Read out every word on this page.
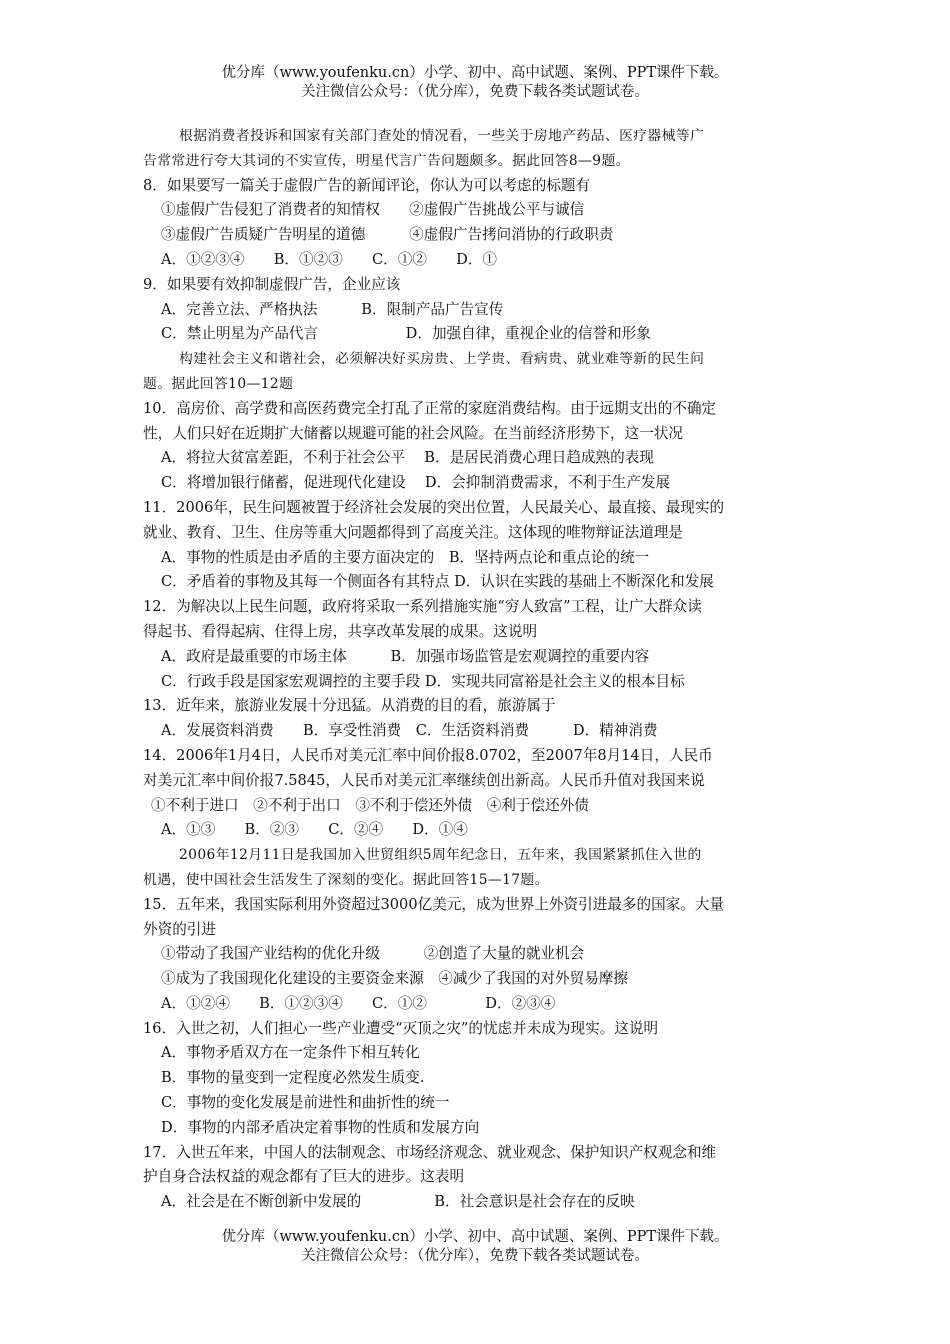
优分库（www.youfenku.cn）小学、初中、高中试题、案例、PPT课件下载。
关注微信公众号：（优分库），免费下载各类试题试卷。
根据消费者投诉和国家有关部门查处的情况看，一些关于房地产药品、医疗器械等广
告常常进行夸大其词的不实宣传，明星代言广告问题颇多。据此回答8—9题。
8．如果要写一篇关于虚假广告的新闻评论，你认为可以考虑的标题有
①虚假广告侵犯了消费者的知情权　　②虚假广告挑战公平与诚信
③虚假广告质疑广告明星的道德　　　④虚假广告拷问消协的行政职责
A．①②③④　　B．①②③　　C．①②　　D．①
9．如果要有效抑制虚假广告，企业应该
A．完善立法、严格执法　　　B．限制产品广告宣传
C．禁止明星为产品代言　　　　　　D．加强自律，重视企业的信誉和形象
构建社会主义和谐社会，必须解决好买房贵、上学贵、看病贵、就业难等新的民生问
题。据此回答10—12题
10．高房价、高学费和高医药费完全打乱了正常的家庭消费结构。由于远期支出的不确定
性，人们只好在近期扩大储蓄以规避可能的社会风险。在当前经济形势下，这一状况
A．将拉大贫富差距，不利于社会公平　 B．是居民消费心理日趋成熟的表现
C．将增加银行储蓄，促进现代化建设　 D．会抑制消费需求，不利于生产发展
11．2006年，民生问题被置于经济社会发展的突出位置，人民最关心、最直接、最现实的
就业、教育、卫生、住房等重大问题都得到了高度关注。这体现的唯物辩证法道理是
A．事物的性质是由矛盾的主要方面决定的　B．坚持两点论和重点论的统一
C．矛盾着的事物及其每一个侧面各有其特点 D．认识在实践的基础上不断深化和发展
12．为解决以上民生问题，政府将采取一系列措施实施“穷人致富”工程，让广大群众读
得起书、看得起病、住得上房，共享改革发展的成果。这说明
A．政府是最重要的市场主体　　　B．加强市场监管是宏观调控的重要内容
C．行政手段是国家宏观调控的主要手段 D．实现共同富裕是社会主义的根本目标
13．近年来，旅游业发展十分迅猛。从消费的目的看，旅游属于
A．发展资料消费　　B．享受性消费　C．生活资料消费　　　D．精神消费
14．2006年1月4日，人民币对美元汇率中间价报8.0702，至2007年8月14日，人民币
对美元汇率中间价报7.5845，人民币对美元汇率继续创出新高。人民币升值对我国来说
①不利于进口　②不利于出口　③不利于偿还外债　④利于偿还外债
A．①③　　B．②③　　C．②④　　D．①④
2006年12月11日是我国加入世贸组织5周年纪念日，五年来，我国紧紧抓住入世的
机遇，使中国社会生活发生了深刻的变化。据此回答15—17题。
15．五年来，我国实际利用外资超过3000亿美元，成为世界上外资引进最多的国家。大量
外资的引进
①带动了我国产业结构的优化升级　　　②创造了大量的就业机会
①成为了我国现化化建设的主要资金来源　④减少了我国的对外贸易摩擦
A．①②④　　B．①②③④　　C．①②　　　　D．②③④
16．入世之初，人们担心一些产业遭受“灭顶之灾”的忧虑并未成为现实。这说明
A．事物矛盾双方在一定条件下相互转化
B．事物的量变到一定程度必然发生质变.
C．事物的变化发展是前进性和曲折性的统一
D．事物的内部矛盾决定着事物的性质和发展方向
17．入世五年来，中国人的法制观念、市场经济观念、就业观念、保护知识产权观念和维
护自身合法权益的观念都有了巨大的进步。这表明
A．社会是在不断创新中发展的　　　　　B．社会意识是社会存在的反映
优分库（www.youfenku.cn）小学、初中、高中试题、案例、PPT课件下载。
关注微信公众号：（优分库），免费下载各类试题试卷。
